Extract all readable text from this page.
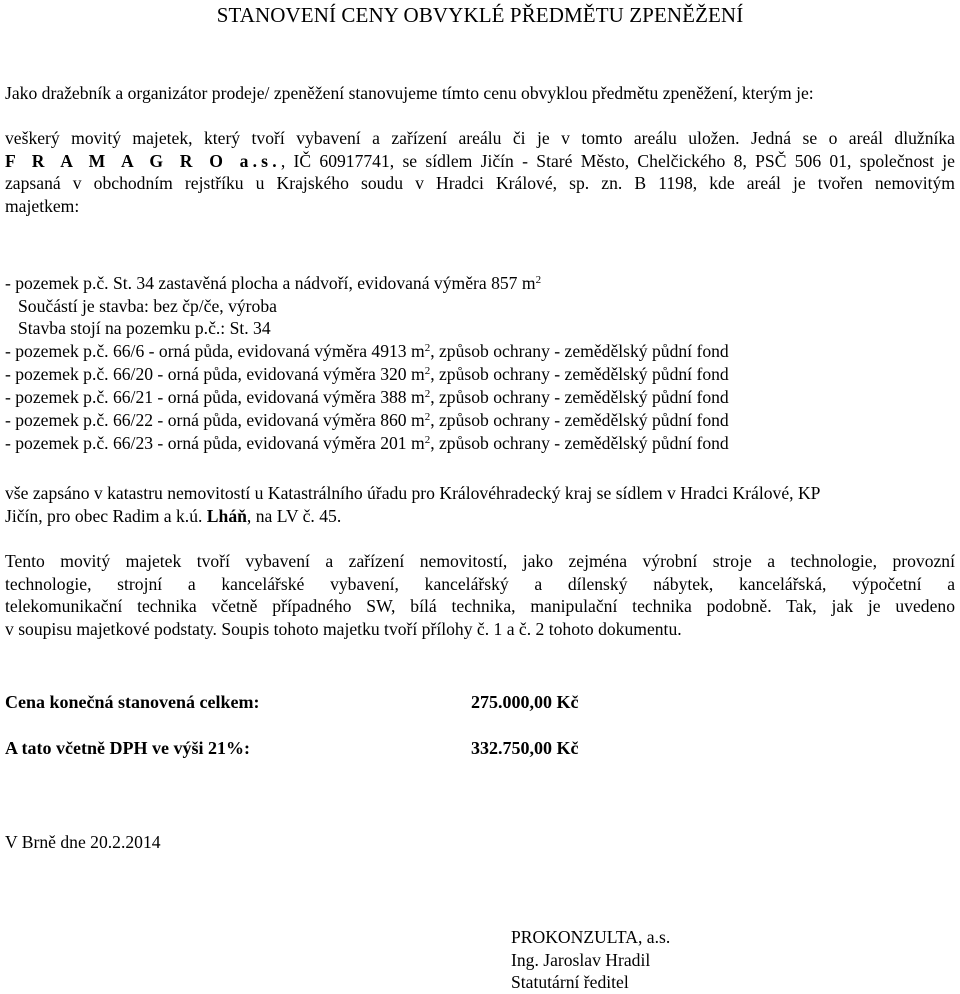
STANOVENÍ CENY OBVYKLÉ PŘEDMĚTU ZPENĚŽENÍ
Jako dražebník a organizátor prodeje/ zpeněžení stanovujeme tímto cenu obvyklou předmětu zpeněžení, kterým je:
veškerý movitý majetek, který tvoří vybavení a zařízení areálu či je v tomto areálu uložen. Jedná se o areál dlužníka
F R A M A G R O a.s., IČ 60917741, se sídlem Jičín - Staré Město, Chelčického 8, PSČ 506 01, společnost je
zapsaná v obchodním rejstříku u Krajského soudu v Hradci Králové, sp. zn. B 1198, kde areál je tvořen nemovitým
majetkem:
- pozemek p.č. St. 34 zastavěná plocha a nádvoří, evidovaná výměra 857 $m^2$
Součástí je stavba: bez čp/če, výroba
Stavba stojí na pozemku p.č.: St. 34
- pozemek p.č. 66/6 - orná půda, evidovaná výměra 4913 $m^2$, způsob ochrany - zemědělský půdní fond
- pozemek p.č. 66/20 - orná půda, evidovaná výměra 320 $m^2$, způsob ochrany - zemědělský půdní fond
- pozemek p.č. 66/21 - orná půda, evidovaná výměra 388 $m^2$, způsob ochrany - zemědělský půdní fond
- pozemek p.č. 66/22 - orná půda, evidovaná výměra 860 $m^2$, způsob ochrany - zemědělský půdní fond
- pozemek p.č. 66/23 - orná půda, evidovaná výměra 201 $m^2$, způsob ochrany - zemědělský půdní fond
vše zapsáno v katastru nemovitostí u Katastrálního úřadu pro Královéhradecký kraj se sídlem v Hradci Králové, KP
Jičín, pro obec Radim a k.ú. Lháň, na LV č. 45.
Tento movitý majetek tvoří vybavení a zařízení nemovitostí, jako zejména výrobní stroje a technologie, provozní
technologie, strojní a kancelářské vybavení, kancelářský a dílenský nábytek, kancelářská, výpočetní a
telekomunikační technika včetně případného SW, bílá technika, manipulační technika podobně. Tak, jak je uvedeno
v soupisu majetkové podstaty. Soupis tohoto majetku tvoří přílohy č. 1 a č. 2 tohoto dokumentu.
Cena konečná stanovená celkem:	275.000,00 Kč
A tato včetně DPH ve výši 21%:	332.750,00 Kč
V Brně dne 20.2.2014
PROKONZULTA, a.s.
Ing. Jaroslav Hradil
Statutární ředitel
